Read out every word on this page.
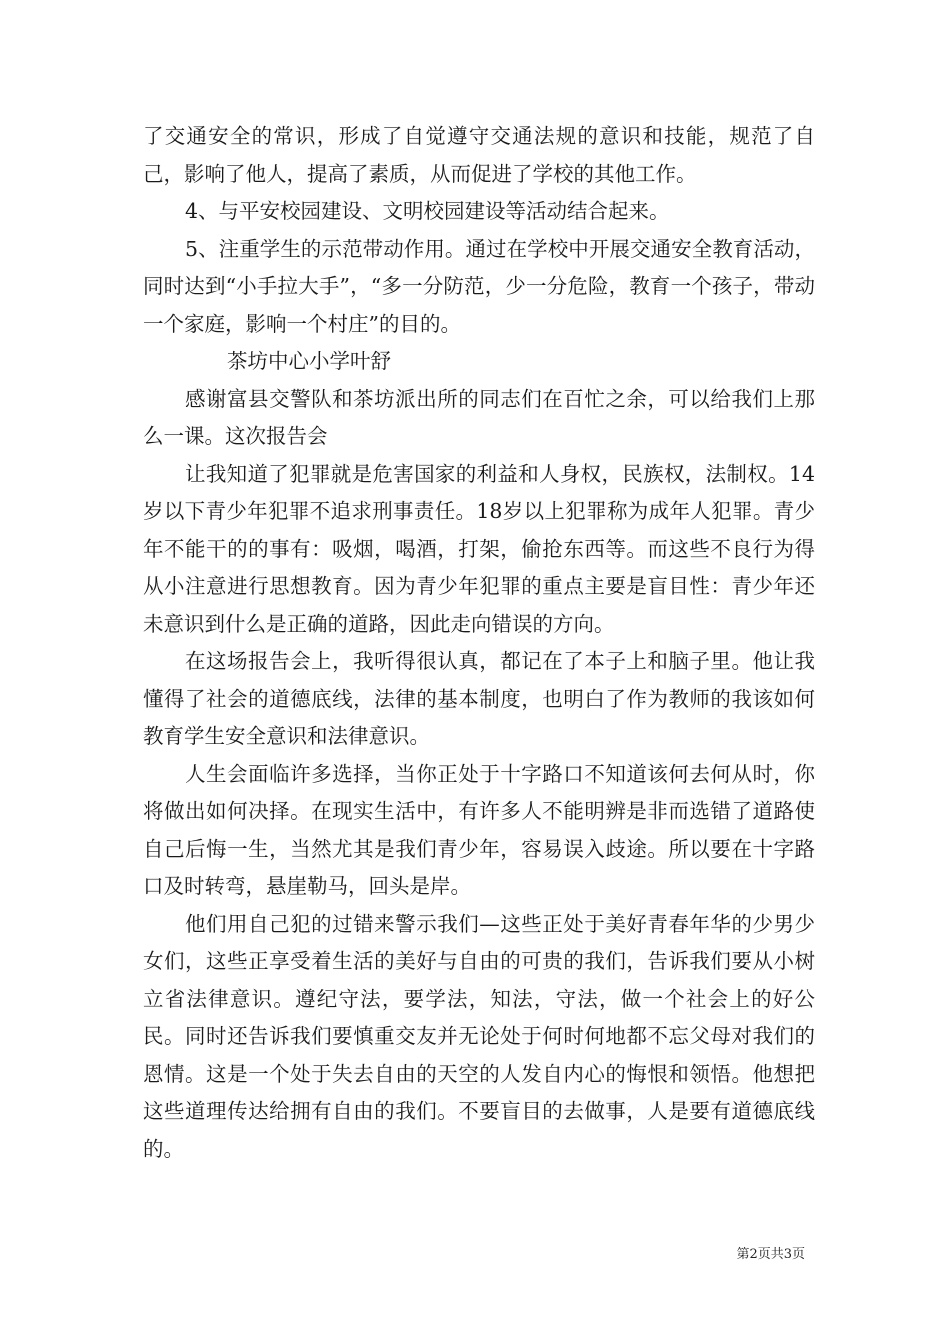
了交通安全的常识，形成了自觉遵守交通法规的意识和技能，规范了自己，影响了他人，提高了素质，从而促进了学校的其他工作。

4、与平安校园建设、文明校园建设等活动结合起来。

5、注重学生的示范带动作用。通过在学校中开展交通安全教育活动，同时达到“小手拉大手”，“多一分防范，少一分危险，教育一个孩子，带动一个家庭，影响一个村庄”的目的。

茶坊中心小学叶舒

感谢富县交警队和茶坊派出所的同志们在百忙之余，可以给我们上那么一课。这次报告会

让我知道了犯罪就是危害国家的利益和人身权，民族权，法制权。14岁以下青少年犯罪不追求刑事责任。18岁以上犯罪称为成年人犯罪。青少年不能干的的事有：吸烟，喝酒，打架，偷抢东西等。而这些不良行为得从小注意进行思想教育。因为青少年犯罪的重点主要是盲目性：青少年还未意识到什么是正确的道路，因此走向错误的方向。

在这场报告会上，我听得很认真，都记在了本子上和脑子里。他让我懂得了社会的道德底线，法律的基本制度，也明白了作为教师的我该如何教育学生安全意识和法律意识。

人生会面临许多选择，当你正处于十字路口不知道该何去何从时，你将做出如何决择。在现实生活中，有许多人不能明辨是非而选错了道路使自己后悔一生，当然尤其是我们青少年，容易误入歧途。所以要在十字路口及时转弯，悬崖勒马，回头是岸。

他们用自己犯的过错来警示我们—这些正处于美好青春年华的少男少女们，这些正享受着生活的美好与自由的可贵的我们，告诉我们要从小树立省法律意识。遵纪守法，要学法，知法，守法，做一个社会上的好公民。同时还告诉我们要慎重交友并无论处于何时何地都不忘父母对我们的恩情。这是一个处于失去自由的天空的人发自内心的悔恨和领悟。他想把这些道理传达给拥有自由的我们。不要盲目的去做事，人是要有道德底线的。

第2页共3页
